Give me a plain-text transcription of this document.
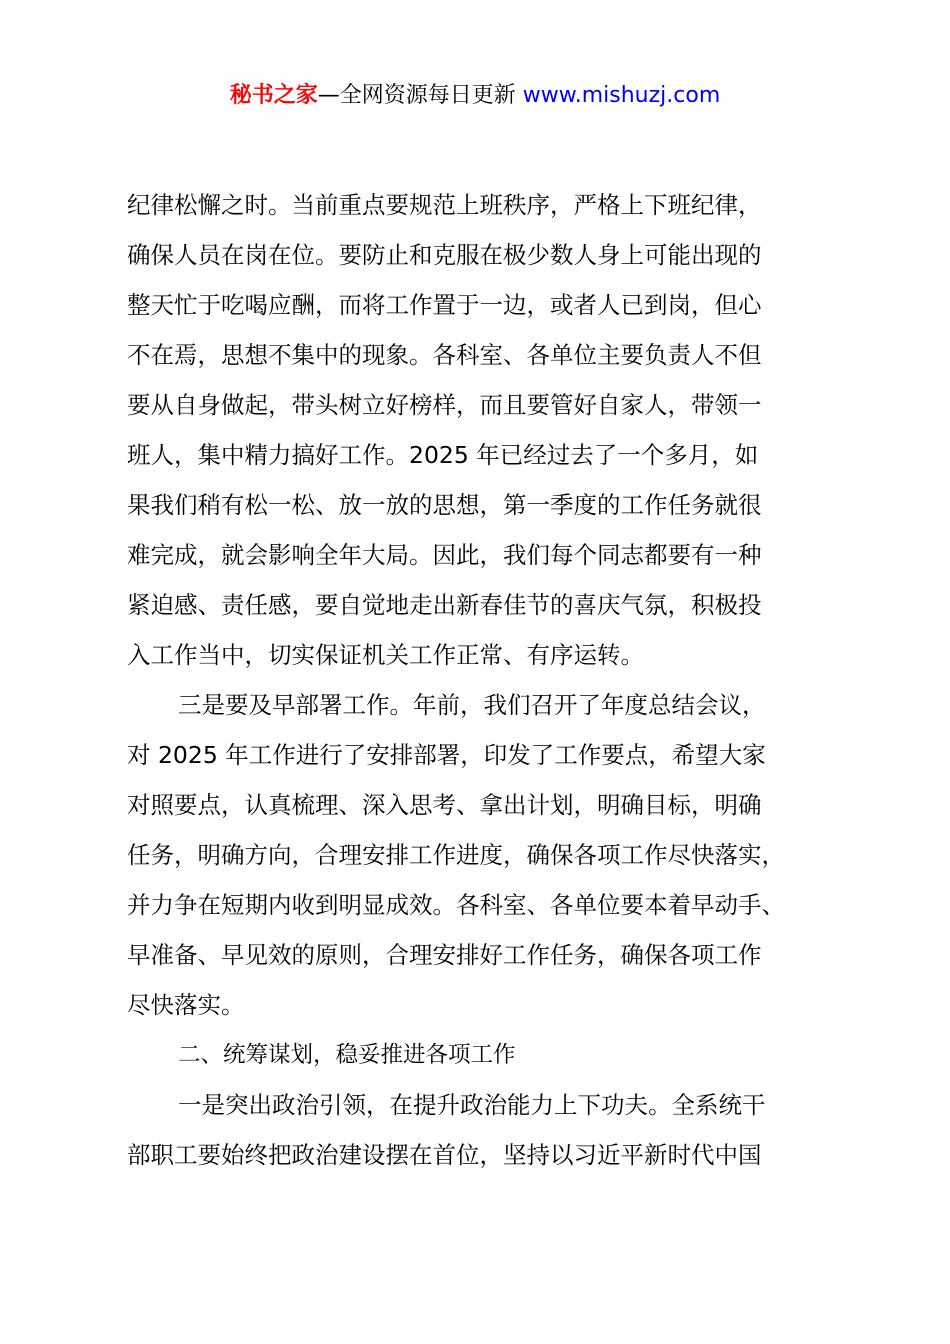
秘书之家—全网资源每日更新 www.mishuzj.com
纪律松懈之时。当前重点要规范上班秩序，严格上下班纪律，
确保人员在岗在位。要防止和克服在极少数人身上可能出现的
整天忙于吃喝应酬，而将工作置于一边，或者人已到岗，但心
不在焉，思想不集中的现象。各科室、各单位主要负责人不但
要从自身做起，带头树立好榜样，而且要管好自家人，带领一
班人，集中精力搞好工作。2025 年已经过去了一个多月，如
果我们稍有松一松、放一放的思想，第一季度的工作任务就很
难完成，就会影响全年大局。因此，我们每个同志都要有一种
紧迫感、责任感，要自觉地走出新春佳节的喜庆气氛，积极投
入工作当中，切实保证机关工作正常、有序运转。
三是要及早部署工作。年前，我们召开了年度总结会议，
对 2025 年工作进行了安排部署，印发了工作要点，希望大家
对照要点，认真梳理、深入思考、拿出计划，明确目标，明确
任务，明确方向，合理安排工作进度，确保各项工作尽快落实，
并力争在短期内收到明显成效。各科室、各单位要本着早动手、
早准备、早见效的原则，合理安排好工作任务，确保各项工作
尽快落实。
二、统筹谋划，稳妥推进各项工作
一是突出政治引领，在提升政治能力上下功夫。全系统干
部职工要始终把政治建设摆在首位，坚持以习近平新时代中国
